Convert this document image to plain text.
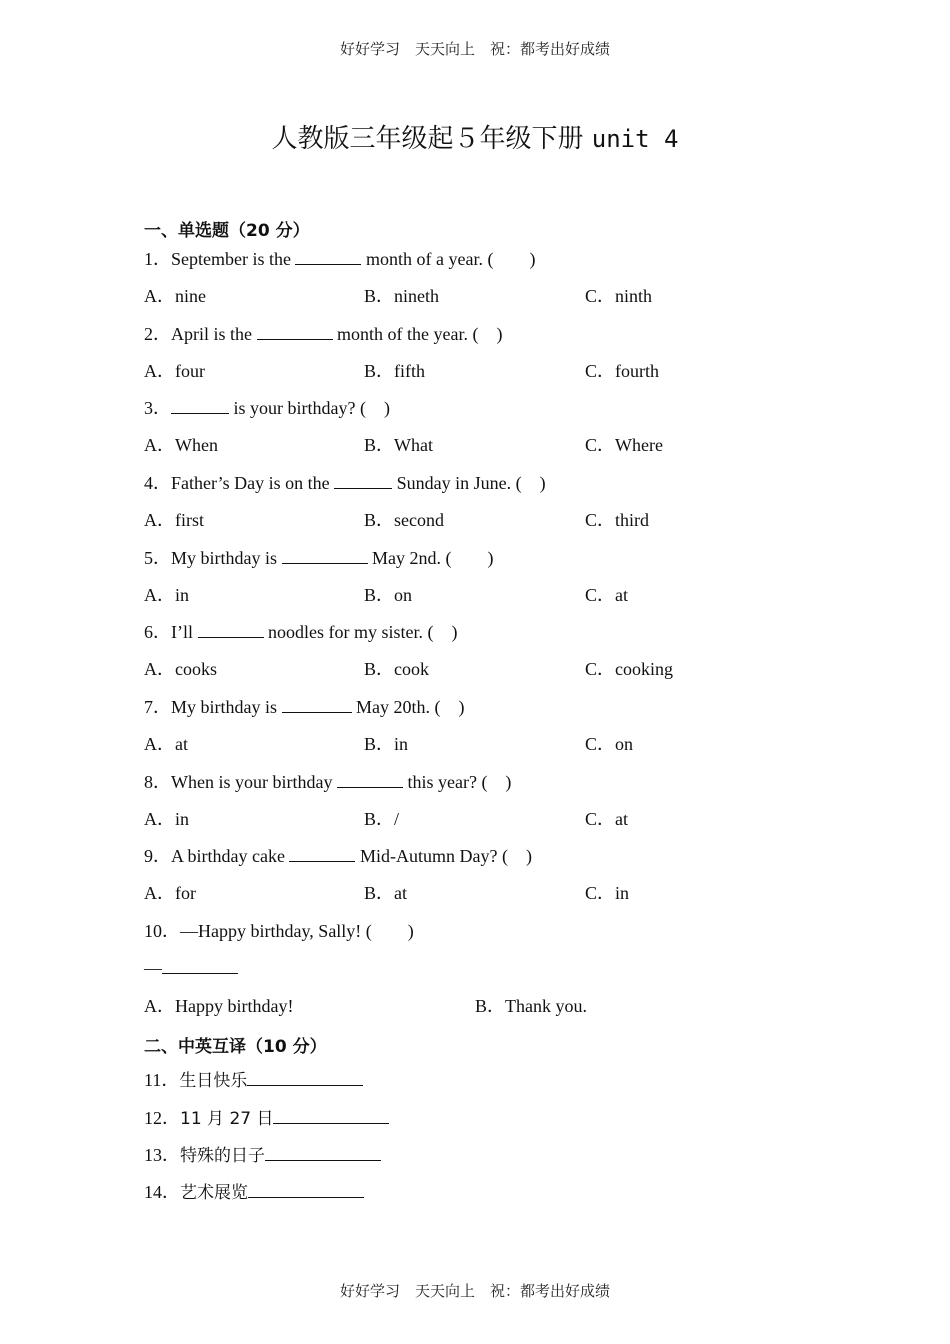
好好学习　天天向上　祝：都考出好成绩
人教版三年级起５年级下册 unit 4
一、单选题（20 分）
1．September is the	month of a year. (　　)
A．nine	B．nineth	C．ninth
2．April is the	month of the year. (　)
A．four	B．fifth	C．fourth
3．	is your birthday? (　)
A．When	B．What	C．Where
4．Father’s Day is on the	Sunday in June. (　)
A．first	B．second	C．third
5．My birthday is	May 2nd. (　　)
A．in	B．on	C．at
6．I’ll	noodles for my sister. (　)
A．cooks	B．cook	C．cooking
7．My birthday is	May 20th. (　)
A．at	B．in	C．on
8．When is your birthday	this year? (　)
A．in	B．/	C．at
9．A birthday cake	Mid-Autumn Day? (　)
A．for	B．at	C．in
10．—Happy birthday, Sally! (　　)
—
A．Happy birthday!	B．Thank you.
二、中英互译（10 分）
11．生日快乐
12．11 月 27 日
13．特殊的日子
14．艺术展览
好好学习　天天向上　祝：都考出好成绩
